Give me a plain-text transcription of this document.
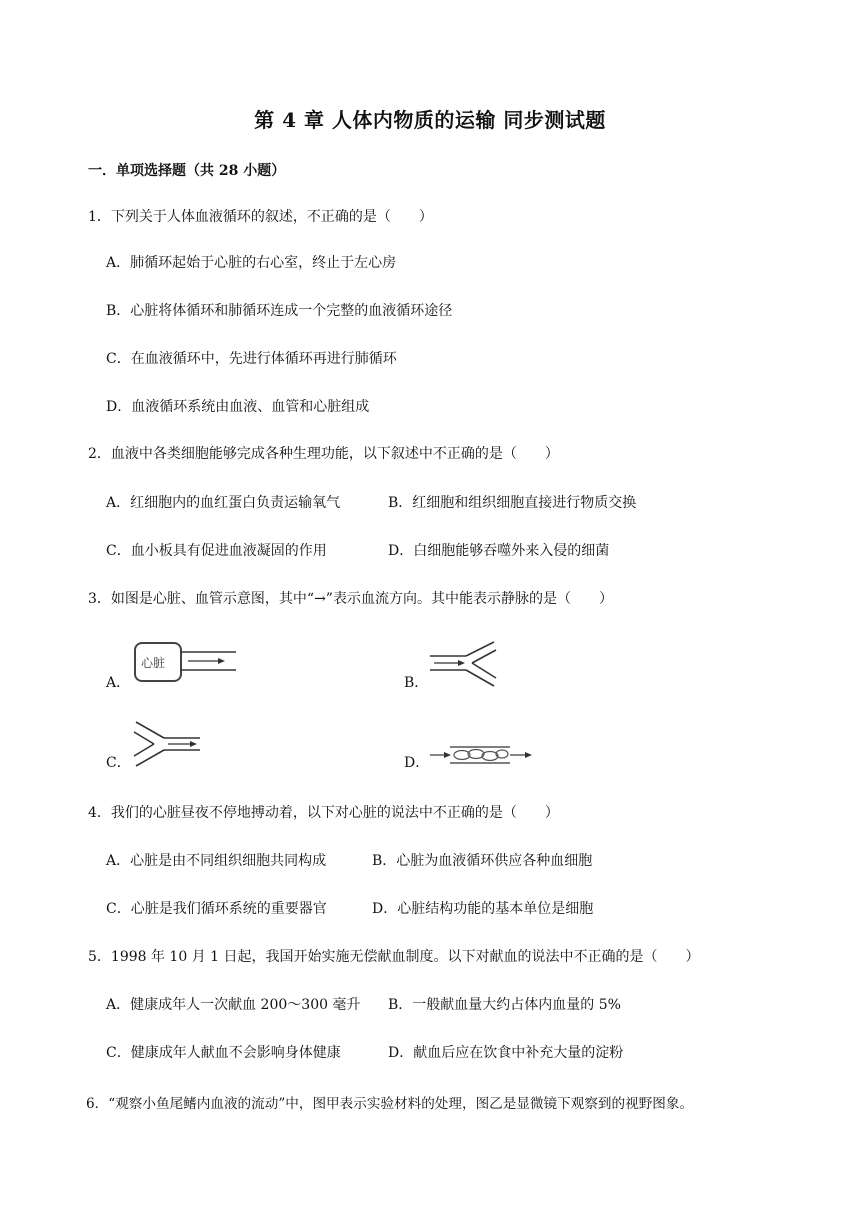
第 4 章 人体内物质的运输 同步测试题
一．单项选择题（共 28 小题）
1．下列关于人体血液循环的叙述，不正确的是（　　）
A．肺循环起始于心脏的右心室，终止于左心房
B．心脏将体循环和肺循环连成一个完整的血液循环途径
C．在血液循环中，先进行体循环再进行肺循环
D．血液循环系统由血液、血管和心脏组成
2．血液中各类细胞能够完成各种生理功能，以下叙述中不正确的是（　　）
A．红细胞内的血红蛋白负责运输氧气	B．红细胞和组织细胞直接进行物质交换
C．血小板具有促进血液凝固的作用	D．白细胞能够吞噬外来入侵的细菌
3．如图是心脏、血管示意图，其中“→”表示血流方向。其中能表示静脉的是（　　）
A．
心脏
B．
C．	D．
4．我们的心脏昼夜不停地搏动着，以下对心脏的说法中不正确的是（　　）
A．心脏是由不同组织细胞共同构成	B．心脏为血液循环供应各种血细胞
C．心脏是我们循环系统的重要器官	D．心脏结构功能的基本单位是细胞
5．1998 年 10 月 1 日起，我国开始实施无偿献血制度。以下对献血的说法中不正确的是（　　）
A．健康成年人一次献血 200～300 毫升 B．一般献血量大约占体内血量的 5%
C．健康成年人献血不会影响身体健康	D．献血后应在饮食中补充大量的淀粉
6．“观察小鱼尾鳍内血液的流动”中，图甲表示实验材料的处理，图乙是显微镜下观察到的视野图象。
